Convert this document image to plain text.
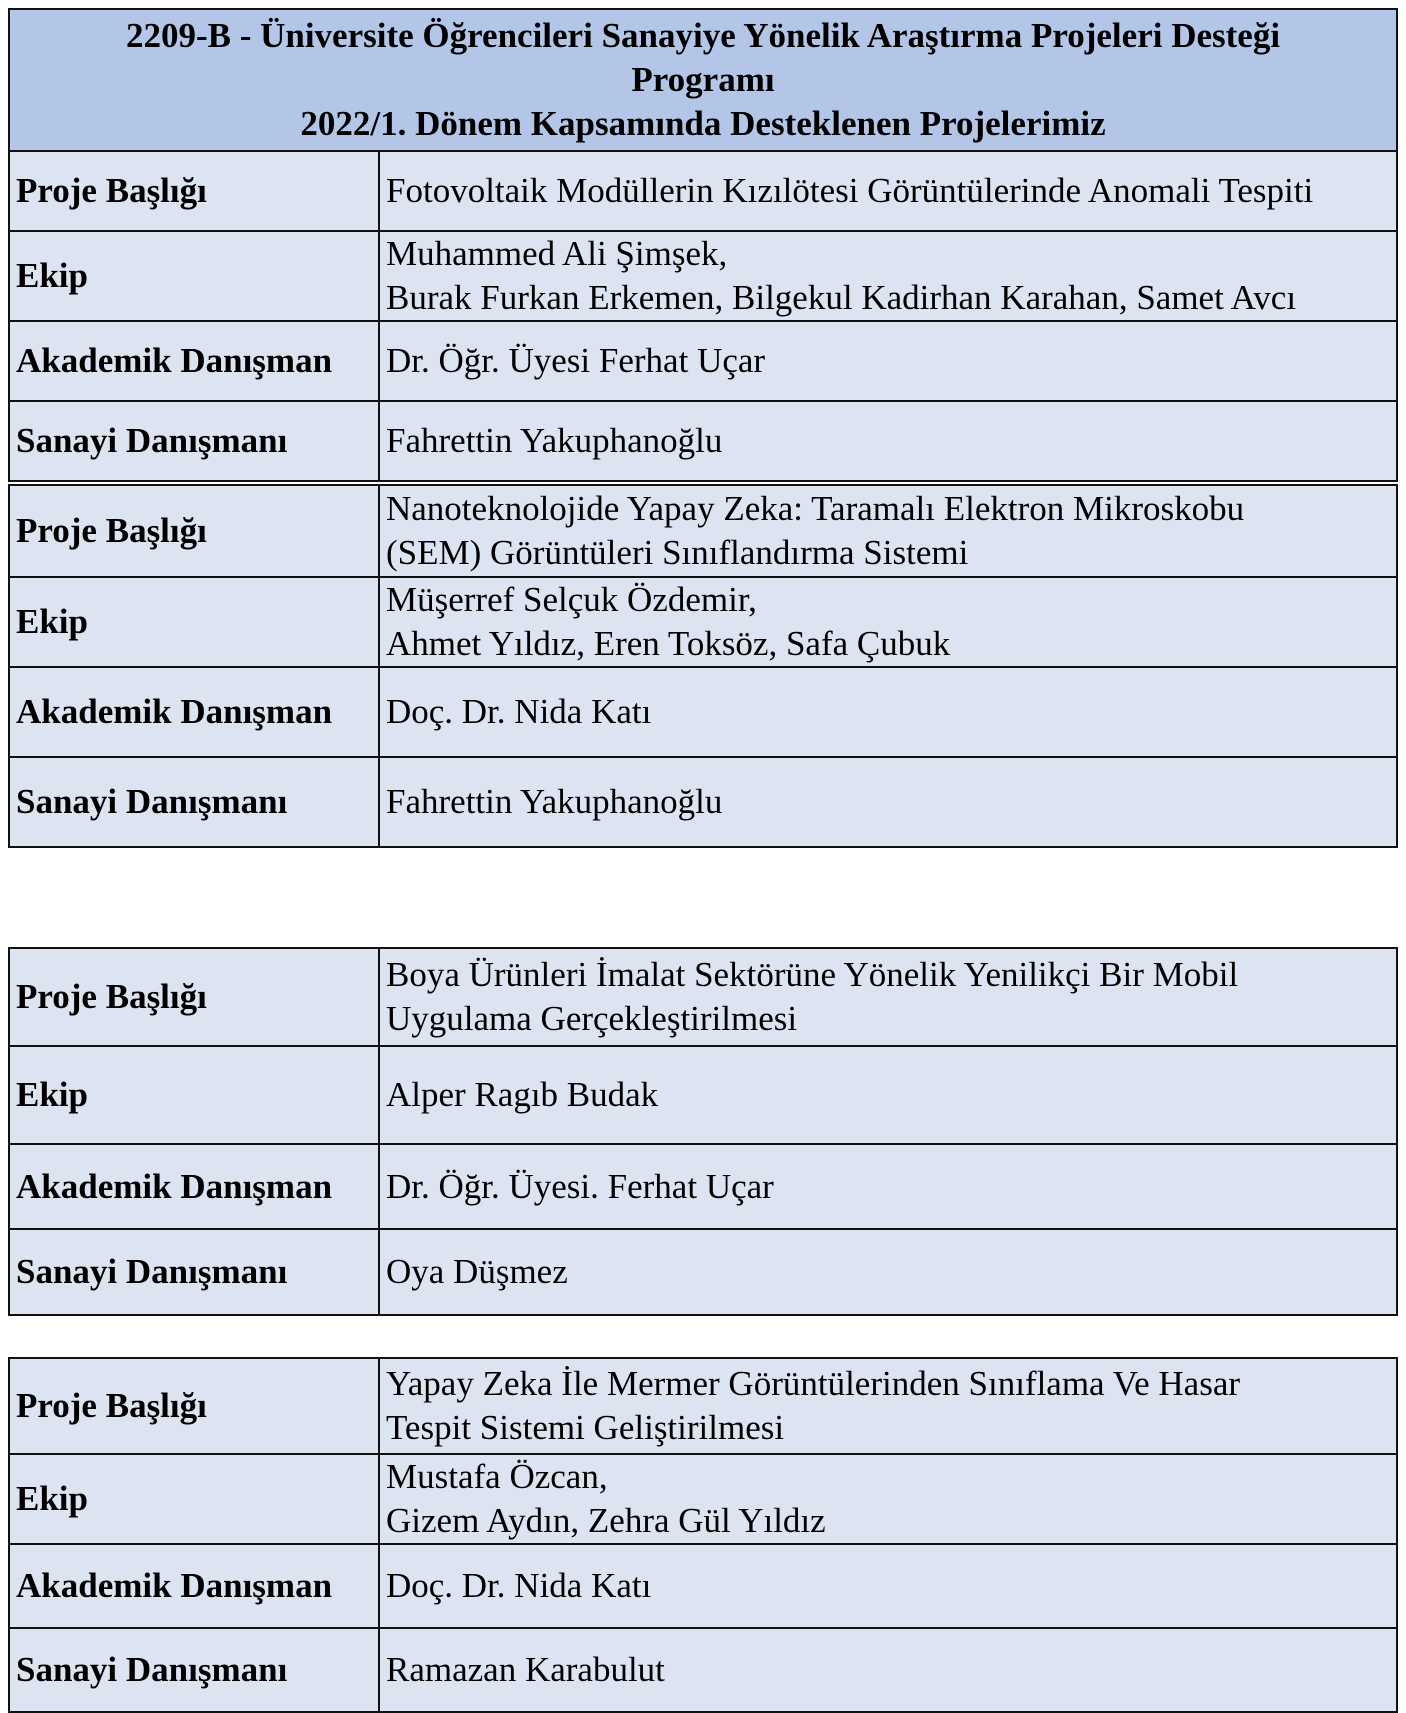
2209-B - Üniversite Öğrencileri Sanayiye Yönelik Araştırma Projeleri Desteği
Programı
2022/1. Dönem Kapsamında Desteklenen Projelerimiz	

Proje Başlığı	Fotovoltaik Modüllerin Kızılötesi Görüntülerinde Anomali Tespiti

Ekip	Muhammed Ali Şimşek,
Burak Furkan Erkemen, Bilgekul Kadirhan Karahan, Samet Avcı

Akademik Danışman	Dr. Öğr. Üyesi Ferhat Uçar
Sanayi Danışmanı	Fahrettin Yakuphanoğlu
Proje Başlığı	Nanoteknolojide Yapay Zeka: Taramalı Elektron Mikroskobu
(SEM) Görüntüleri Sınıflandırma Sistemi

Ekip	Müşerref Selçuk Özdemir,
Ahmet Yıldız, Eren Toksöz, Safa Çubuk

Akademik Danışman	Doç. Dr. Nida Katı
Sanayi Danışmanı	Fahrettin Yakuphanoğlu
Proje Başlığı	Boya Ürünleri İmalat Sektörüne Yönelik Yenilikçi Bir Mobil
Uygulama Gerçekleştirilmesi

Ekip	Alper Ragıb Budak

Akademik Danışman	Dr. Öğr. Üyesi. Ferhat Uçar
Sanayi Danışmanı	Oya Düşmez
Proje Başlığı	Yapay Zeka İle Mermer Görüntülerinden Sınıflama Ve Hasar
Tespit Sistemi Geliştirilmesi

Ekip	Mustafa Özcan,
Gizem Aydın, Zehra Gül Yıldız

Akademik Danışman	Doç. Dr. Nida Katı
Sanayi Danışmanı	Ramazan Karabulut
